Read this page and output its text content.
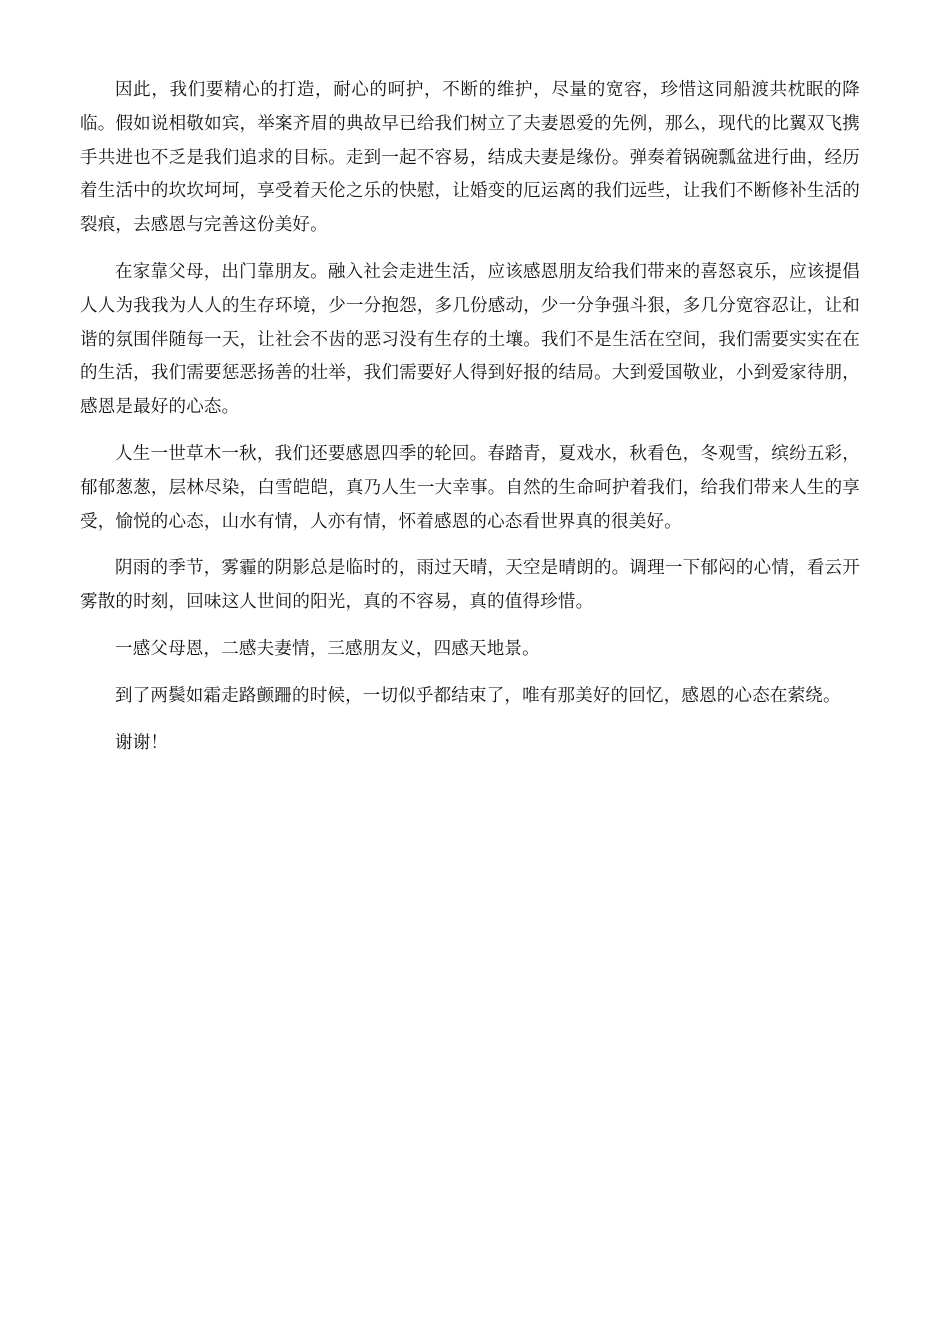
因此，我们要精心的打造，耐心的呵护，不断的维护，尽量的宽容，珍惜这同船渡共枕眠的降临。假如说相敬如宾，举案齐眉的典故早已给我们树立了夫妻恩爱的先例，那么，现代的比翼双飞携手共进也不乏是我们追求的目标。走到一起不容易，结成夫妻是缘份。弹奏着锅碗瓢盆进行曲，经历着生活中的坎坎坷坷，享受着天伦之乐的快慰，让婚变的厄运离的我们远些，让我们不断修补生活的裂痕，去感恩与完善这份美好。

在家靠父母，出门靠朋友。融入社会走进生活，应该感恩朋友给我们带来的喜怒哀乐，应该提倡人人为我我为人人的生存环境，少一分抱怨，多几份感动，少一分争强斗狠，多几分宽容忍让，让和谐的氛围伴随每一天，让社会不齿的恶习没有生存的土壤。我们不是生活在空间，我们需要实实在在的生活，我们需要惩恶扬善的壮举，我们需要好人得到好报的结局。大到爱国敬业，小到爱家待朋，感恩是最好的心态。

人生一世草木一秋，我们还要感恩四季的轮回。春踏青，夏戏水，秋看色，冬观雪，缤纷五彩，郁郁葱葱，层林尽染，白雪皑皑，真乃人生一大幸事。自然的生命呵护着我们，给我们带来人生的享受，愉悦的心态，山水有情，人亦有情，怀着感恩的心态看世界真的很美好。

阴雨的季节，雾霾的阴影总是临时的，雨过天晴，天空是晴朗的。调理一下郁闷的心情，看云开雾散的时刻，回味这人世间的阳光，真的不容易，真的值得珍惜。

一感父母恩，二感夫妻情，三感朋友义，四感天地景。

到了两鬓如霜走路颤跚的时候，一切似乎都结束了，唯有那美好的回忆，感恩的心态在萦绕。

谢谢！
